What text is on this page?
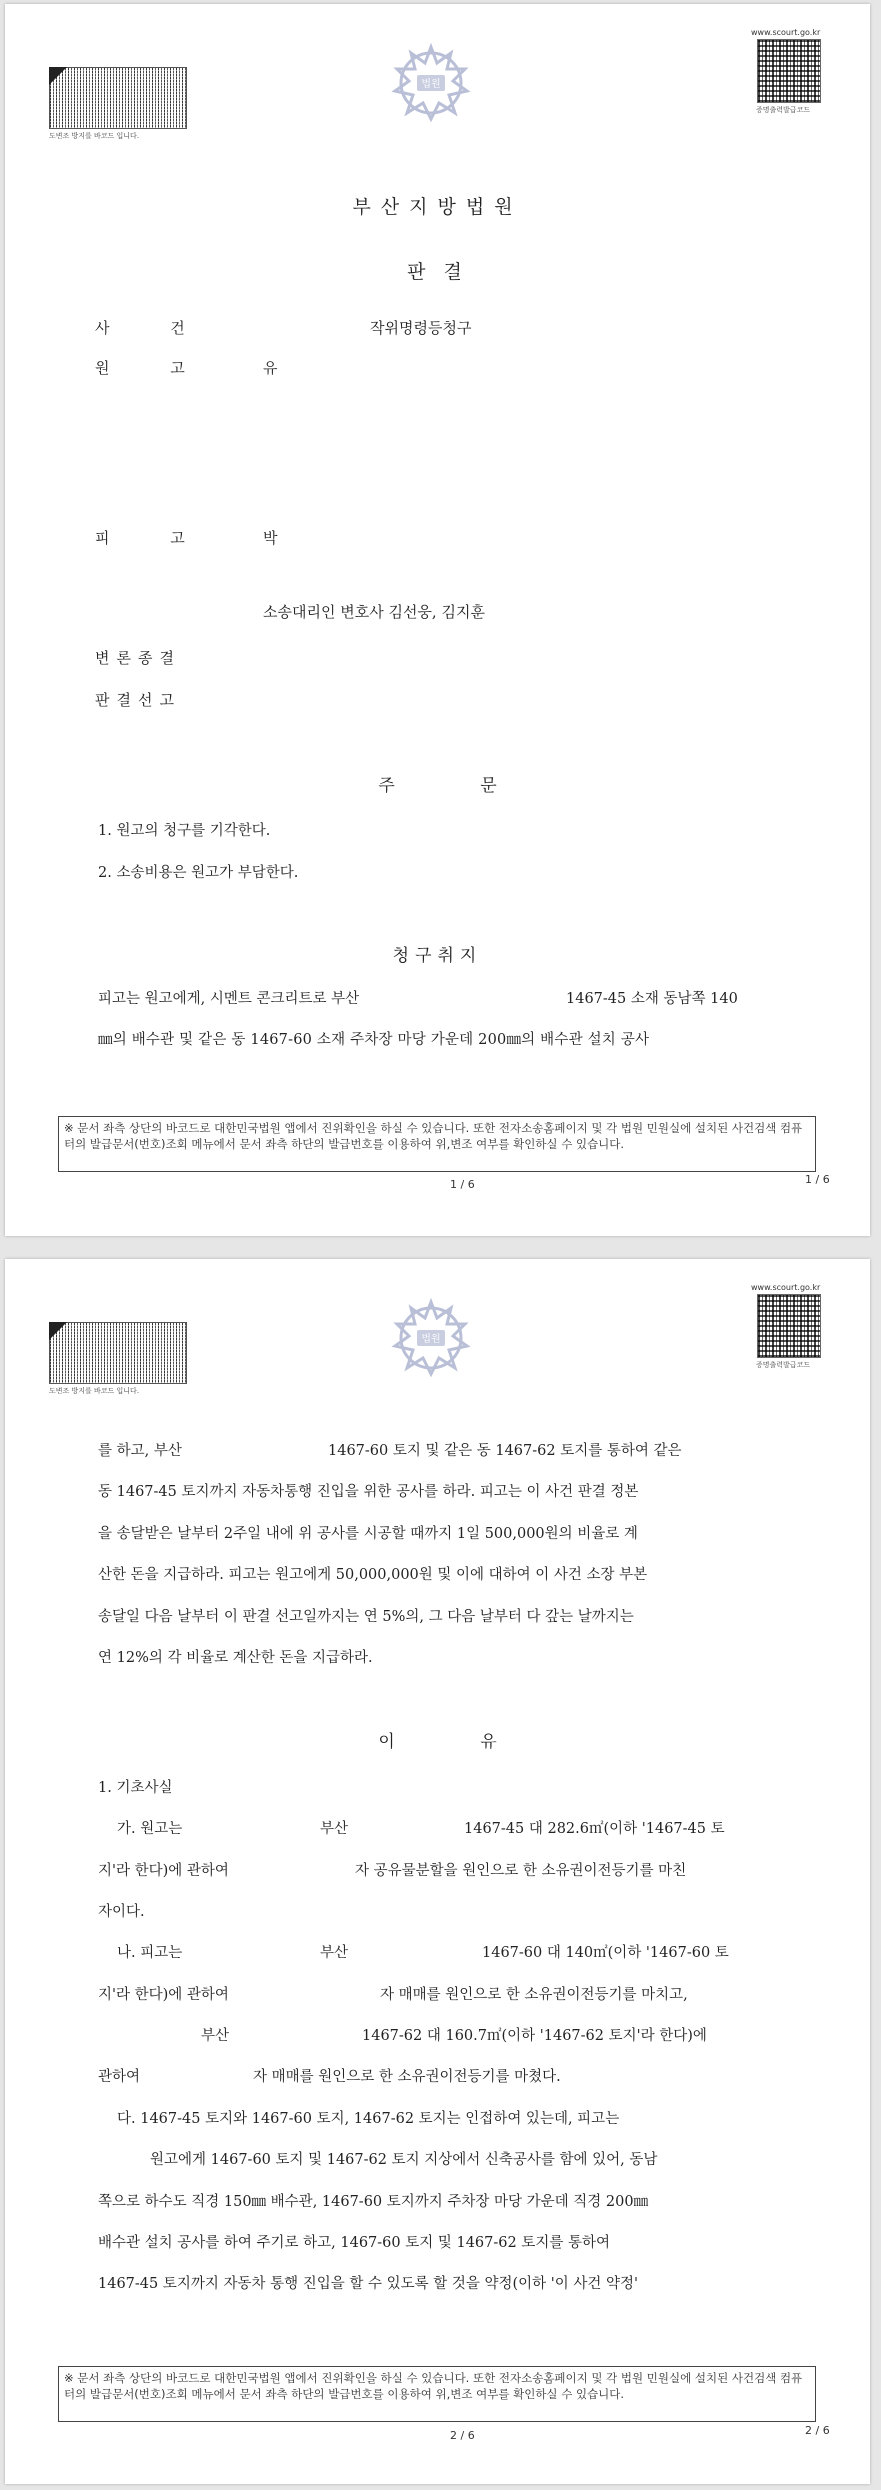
도변조 방지를 바코드 입니다.
법원
www.scourt.go.kr
증명출력발급코드
부산지방법원
판 결
사 건	작위명령등청구
원 고	유
피 고	박
소송대리인 변호사 김선웅, 김지훈
변론종결
판결선고
주 문
1. 원고의 청구를 기각한다.
2. 소송비용은 원고가 부담한다.
청구취지
피고는 원고에게, 시멘트 콘크리트로 부산	1467-45 소재 동남쪽 140
㎜의 배수관 및 같은 동 1467-60 소재 주차장 마당 가운데 200㎜의 배수관 설치 공사
※ 문서 좌측 상단의 바코드로 대한민국법원 앱에서 진위확인을 하실 수 있습니다. 또한 전자소송홈페이지 및 각 법원 민원실에 설치된 사건검색 컴퓨터의 발급문서(번호)조회 메뉴에서 문서 좌측 하단의 발급번호를 이용하여 위,변조 여부를 확인하실 수 있습니다.
1 / 6	1 / 6
도변조 방지를 바코드 입니다.
법원
www.scourt.go.kr
증명출력발급코드
를 하고, 부산	1467-60 토지 및 같은 동 1467-62 토지를 통하여 같은
동 1467-45 토지까지 자동차통행 진입을 위한 공사를 하라. 피고는 이 사건 판결 정본
을 송달받은 날부터 2주일 내에 위 공사를 시공할 때까지 1일 500,000원의 비율로 계
산한 돈을 지급하라. 피고는 원고에게 50,000,000원 및 이에 대하여 이 사건 소장 부본
송달일 다음 날부터 이 판결 선고일까지는 연 5%의, 그 다음 날부터 다 갚는 날까지는
연 12%의 각 비율로 계산한 돈을 지급하라.
이 유
1. 기초사실
가. 원고는	부산	1467-45 대 282.6㎡(이하 '1467-45 토
지'라 한다)에 관하여	자 공유물분할을 원인으로 한 소유권이전등기를 마친
자이다.
나. 피고는	부산	1467-60 대 140㎡(이하 '1467-60 토
지'라 한다)에 관하여	자 매매를 원인으로 한 소유권이전등기를 마치고,
부산	1467-62 대 160.7㎡(이하 '1467-62 토지'라 한다)에
관하여	자 매매를 원인으로 한 소유권이전등기를 마쳤다.
다. 1467-45 토지와 1467-60 토지, 1467-62 토지는 인접하여 있는데, 피고는
원고에게 1467-60 토지 및 1467-62 토지 지상에서 신축공사를 함에 있어, 동남
쪽으로 하수도 직경 150㎜ 배수관, 1467-60 토지까지 주차장 마당 가운데 직경 200㎜
배수관 설치 공사를 하여 주기로 하고, 1467-60 토지 및 1467-62 토지를 통하여
1467-45 토지까지 자동차 통행 진입을 할 수 있도록 할 것을 약정(이하 '이 사건 약정'
※ 문서 좌측 상단의 바코드로 대한민국법원 앱에서 진위확인을 하실 수 있습니다. 또한 전자소송홈페이지 및 각 법원 민원실에 설치된 사건검색 컴퓨터의 발급문서(번호)조회 메뉴에서 문서 좌측 하단의 발급번호를 이용하여 위,변조 여부를 확인하실 수 있습니다.
2 / 6	2 / 6
